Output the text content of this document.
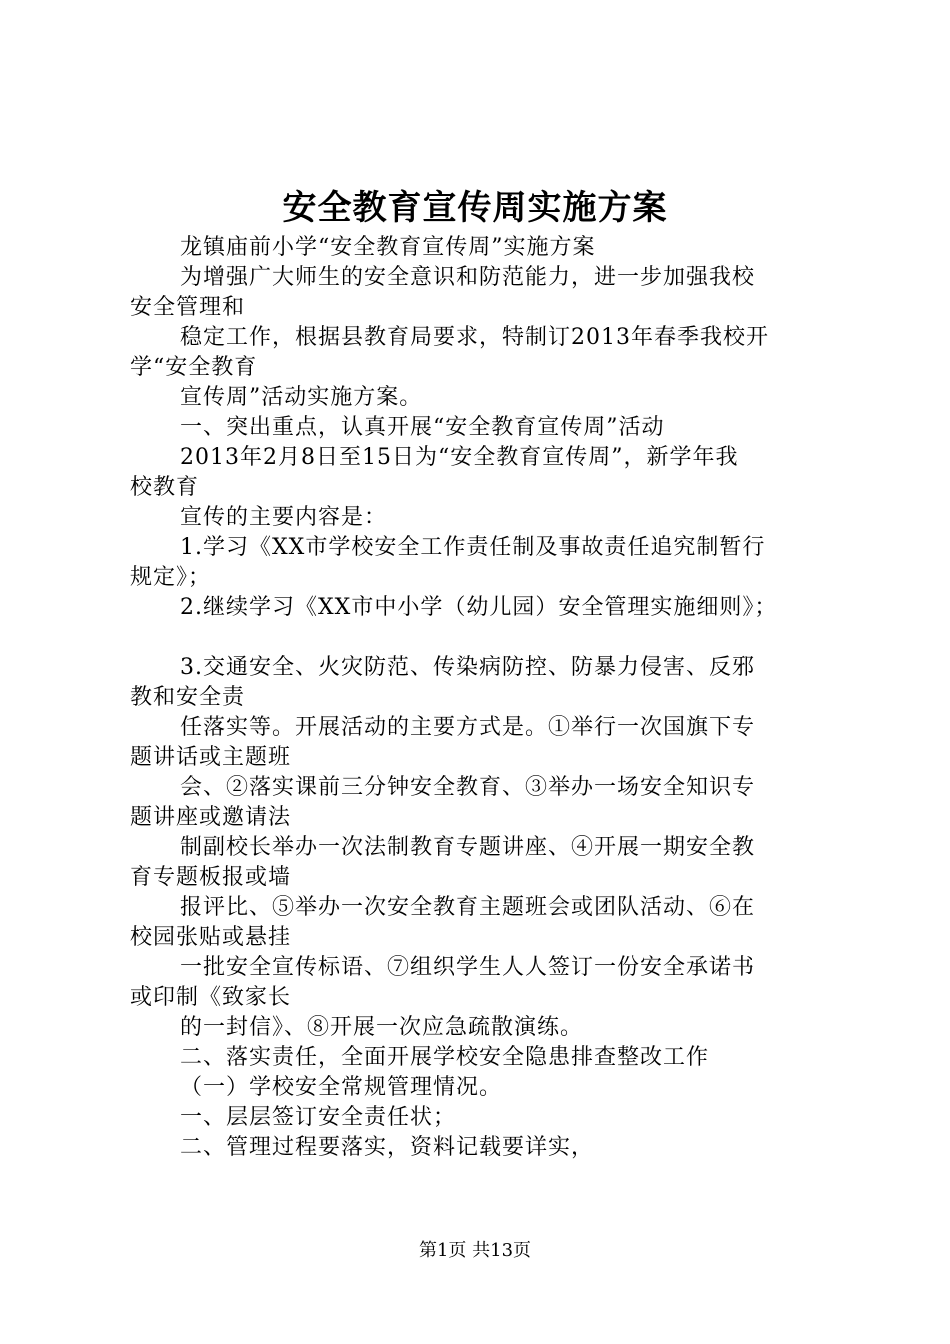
安全教育宣传周实施方案
龙镇庙前小学“安全教育宣传周”实施方案
为增强广大师生的安全意识和防范能力，进一步加强我校
安全管理和
稳定工作，根据县教育局要求，特制订2013年春季我校开
学“安全教育
宣传周”活动实施方案。
一、突出重点，认真开展“安全教育宣传周”活动
2013年2月8日至15日为“安全教育宣传周”，新学年我
校教育
宣传的主要内容是：
1.学习《XX市学校安全工作责任制及事故责任追究制暂行
规定》；
2.继续学习《XX市中小学（幼儿园）安全管理实施细则》；
3.交通安全、火灾防范、传染病防控、防暴力侵害、反邪
教和安全责
任落实等。开展活动的主要方式是。①举行一次国旗下专
题讲话或主题班
会、②落实课前三分钟安全教育、③举办一场安全知识专
题讲座或邀请法
制副校长举办一次法制教育专题讲座、④开展一期安全教
育专题板报或墙
报评比、⑤举办一次安全教育主题班会或团队活动、⑥在
校园张贴或悬挂
一批安全宣传标语、⑦组织学生人人签订一份安全承诺书
或印制《致家长
的一封信》、⑧开展一次应急疏散演练。
二、落实责任，全面开展学校安全隐患排查整改工作
（一）学校安全常规管理情况。
一、层层签订安全责任状；
二、管理过程要落实，资料记载要详实，
第1页 共13页
